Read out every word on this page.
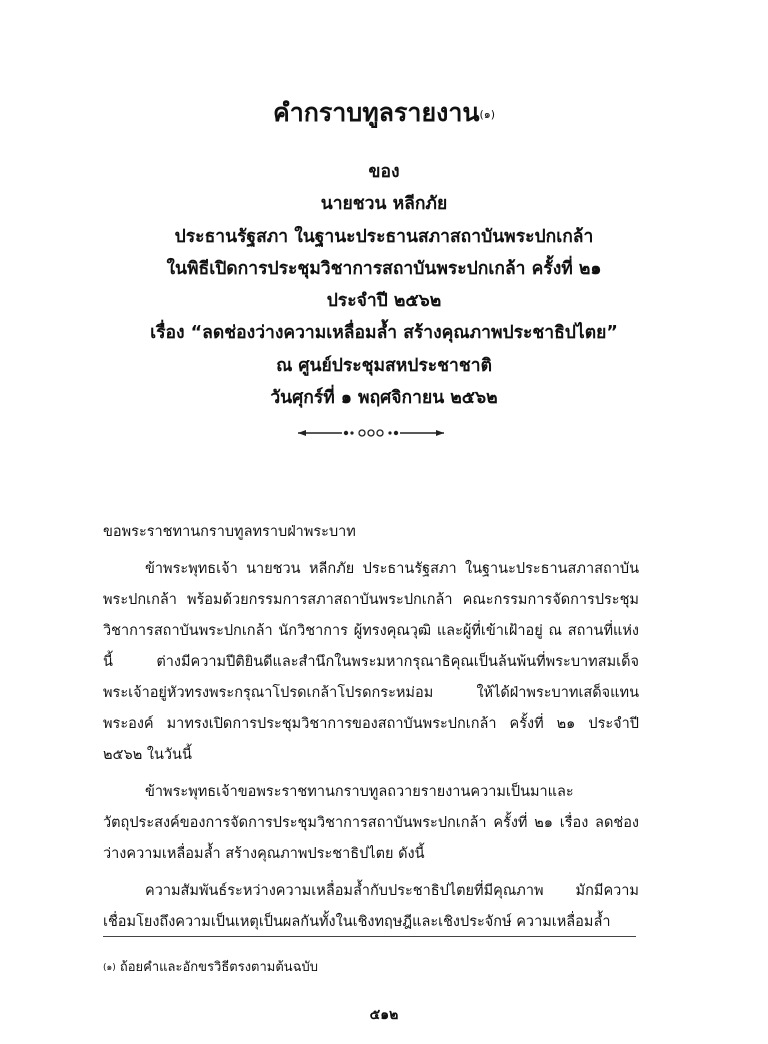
คำกราบทูลรายงาน$^{(๑)}$
ของ
นายชวน หลีกภัย
ประธานรัฐสภา ในฐานะประธานสภาสถาบันพระปกเกล้า
ในพิธีเปิดการประชุมวิชาการสถาบันพระปกเกล้า ครั้งที่ ๒๑
ประจำปี ๒๕๖๒
เรื่อง “ลดช่องว่างความเหลื่อมล้ำ สร้างคุณภาพประชาธิปไตย”
ณ ศูนย์ประชุมสหประชาชาติ
วันศุกร์ที่ ๑ พฤศจิกายน ๒๕๖๒

ขอพระราชทานกราบทูลทราบฝ่าพระบาท

ข้าพระพุทธเจ้า นายชวน หลีกภัย ประธานรัฐสภา ในฐานะประธานสภาสถาบันพระปกเกล้า พร้อมด้วยกรรมการสภาสถาบันพระปกเกล้า คณะกรรมการจัดการประชุมวิชาการสถาบันพระปกเกล้า นักวิชาการ ผู้ทรงคุณวุฒิ และผู้ที่เข้าเฝ้าอยู่ ณ สถานที่แห่งนี้ ต่างมีความปีติยินดีและสำนึกในพระมหากรุณาธิคุณเป็นล้นพ้นที่พระบาทสมเด็จพระเจ้าอยู่หัวทรงพระกรุณาโปรดเกล้าโปรดกระหม่อม ให้ได้ฝ่าพระบาทเสด็จแทนพระองค์ มาทรงเปิดการประชุมวิชาการของสถาบันพระปกเกล้า ครั้งที่ ๒๑ ประจำปี ๒๕๖๒ ในวันนี้

ข้าพระพุทธเจ้าขอพระราชทานกราบทูลถวายรายงานความเป็นมาและวัตถุประสงค์ของการจัดการประชุมวิชาการสถาบันพระปกเกล้า ครั้งที่ ๒๑ เรื่อง ลดช่องว่างความเหลื่อมล้ำ สร้างคุณภาพประชาธิปไตย ดังนี้

ความสัมพันธ์ระหว่างความเหลื่อมล้ำกับประชาธิปไตยที่มีคุณภาพ มักมีความเชื่อมโยงถึงความเป็นเหตุเป็นผลกันทั้งในเชิงทฤษฎีและเชิงประจักษ์ ความเหลื่อมล้ำ

$^{(๑)}$ ถ้อยคำและอักขรวิธีตรงตามต้นฉบับ
๕๑๒
